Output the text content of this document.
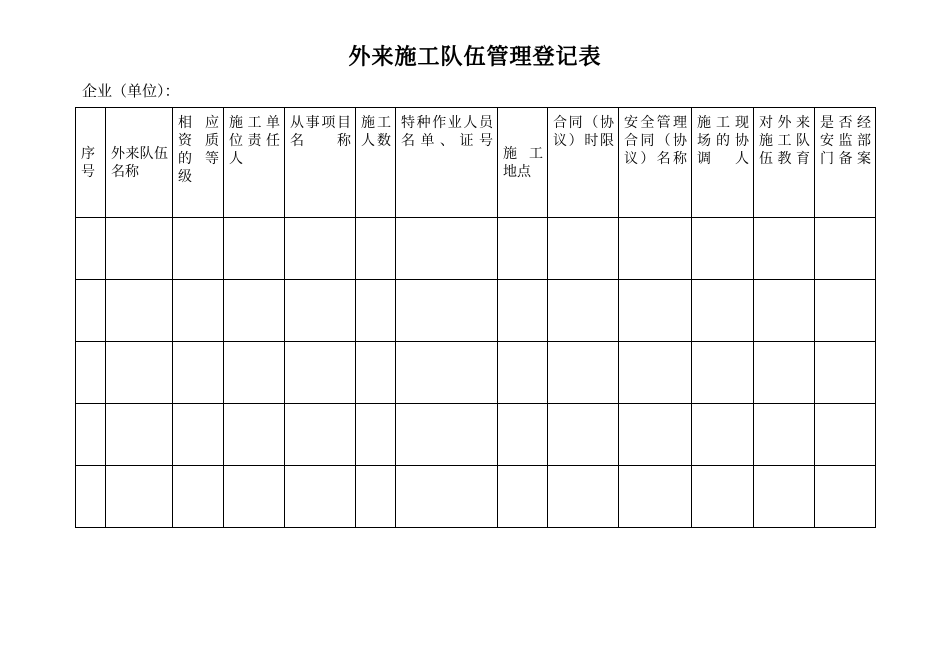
外来施工队伍管理登记表
企业（单位）：
序号	外来队伍名称	相应资质的等级	施工单位责任人	从事项目名称	施工人数	特种作业人员名单、证号	施工地点	合同（协议）时限	安全管理合同（协议）名称	施工现场的协调人	对外来施工队伍教育	是否经安监部门备案
